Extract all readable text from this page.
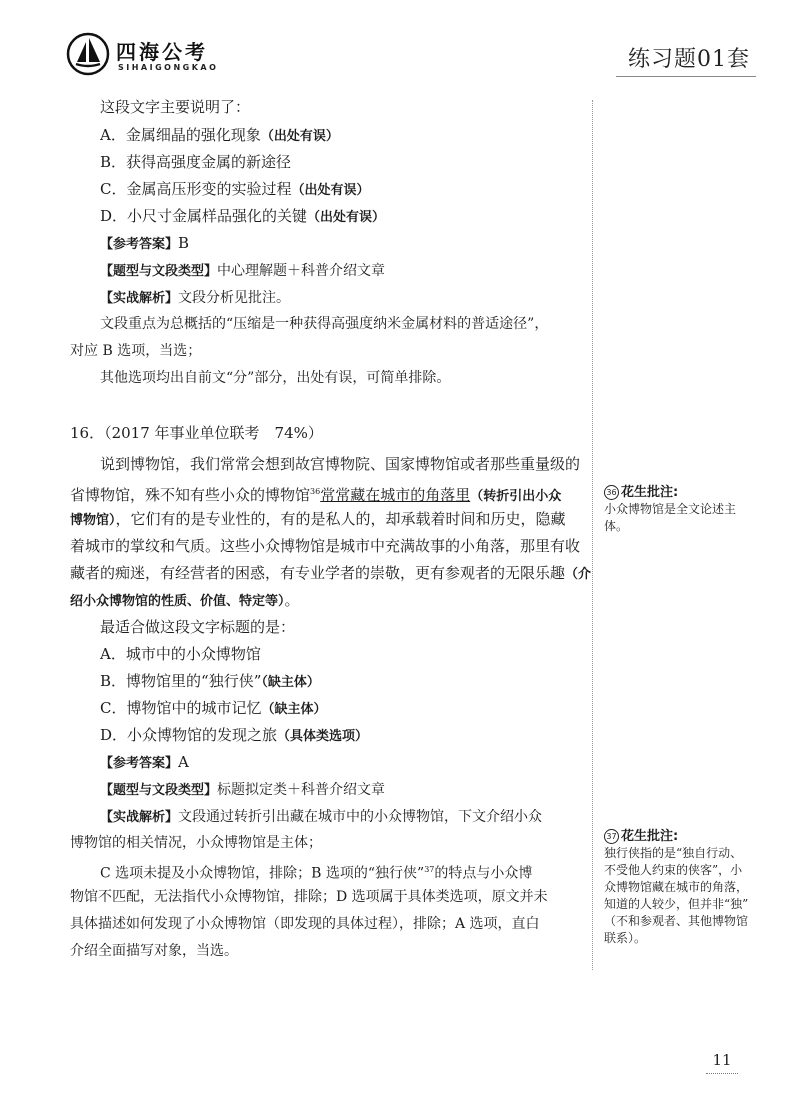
四海公考
SIHAIGONGKAO	练习题01套
这段文字主要说明了：
A．金属细晶的强化现象（出处有误）
B．获得高强度金属的新途径
C．金属高压形变的实验过程（出处有误）
D．小尺寸金属样品强化的关键（出处有误）
【参考答案】B
【题型与文段类型】中心理解题＋科普介绍文章
【实战解析】文段分析见批注。
文段重点为总概括的“压缩是一种获得高强度纳米金属材料的普适途径”，
对应 B 选项，当选；
其他选项均出自前文“分”部分，出处有误，可简单排除。
16．（2017 年事业单位联考　74%）
说到博物馆，我们常常会想到故宫博物院、国家博物馆或者那些重量级的
省博物馆，殊不知有些小众的博物馆$^{36}$常常藏在城市的角落里（转折引出小众
博物馆），它们有的是专业性的，有的是私人的，却承载着时间和历史，隐藏
着城市的掌纹和气质。这些小众博物馆是城市中充满故事的小角落，那里有收
藏者的痴迷，有经营者的困惑，有专业学者的崇敬，更有参观者的无限乐趣（介
绍小众博物馆的性质、价值、特定等）。
最适合做这段文字标题的是：
A．城市中的小众博物馆
B．博物馆里的“独行侠”（缺主体）
C．博物馆中的城市记忆（缺主体）
D．小众博物馆的发现之旅（具体类选项）
【参考答案】A
【题型与文段类型】标题拟定类＋科普介绍文章
【实战解析】文段通过转折引出藏在城市中的小众博物馆，下文介绍小众
博物馆的相关情况，小众博物馆是主体；
C 选项未提及小众博物馆，排除；B 选项的“独行侠”$^{37}$的特点与小众博
物馆不匹配，无法指代小众博物馆，排除；D 选项属于具体类选项，原文并未
具体描述如何发现了小众博物馆（即发现的具体过程），排除；A 选项，直白
介绍全面描写对象，当选。
36 花生批注:
小众博物馆是全文论述主
体。
37 花生批注:
独行侠指的是“独自行动、
不受他人约束的侠客”，小
众博物馆藏在城市的角落，
知道的人较少，但并非“独”
（不和参观者、其他博物馆
联系）。
11
